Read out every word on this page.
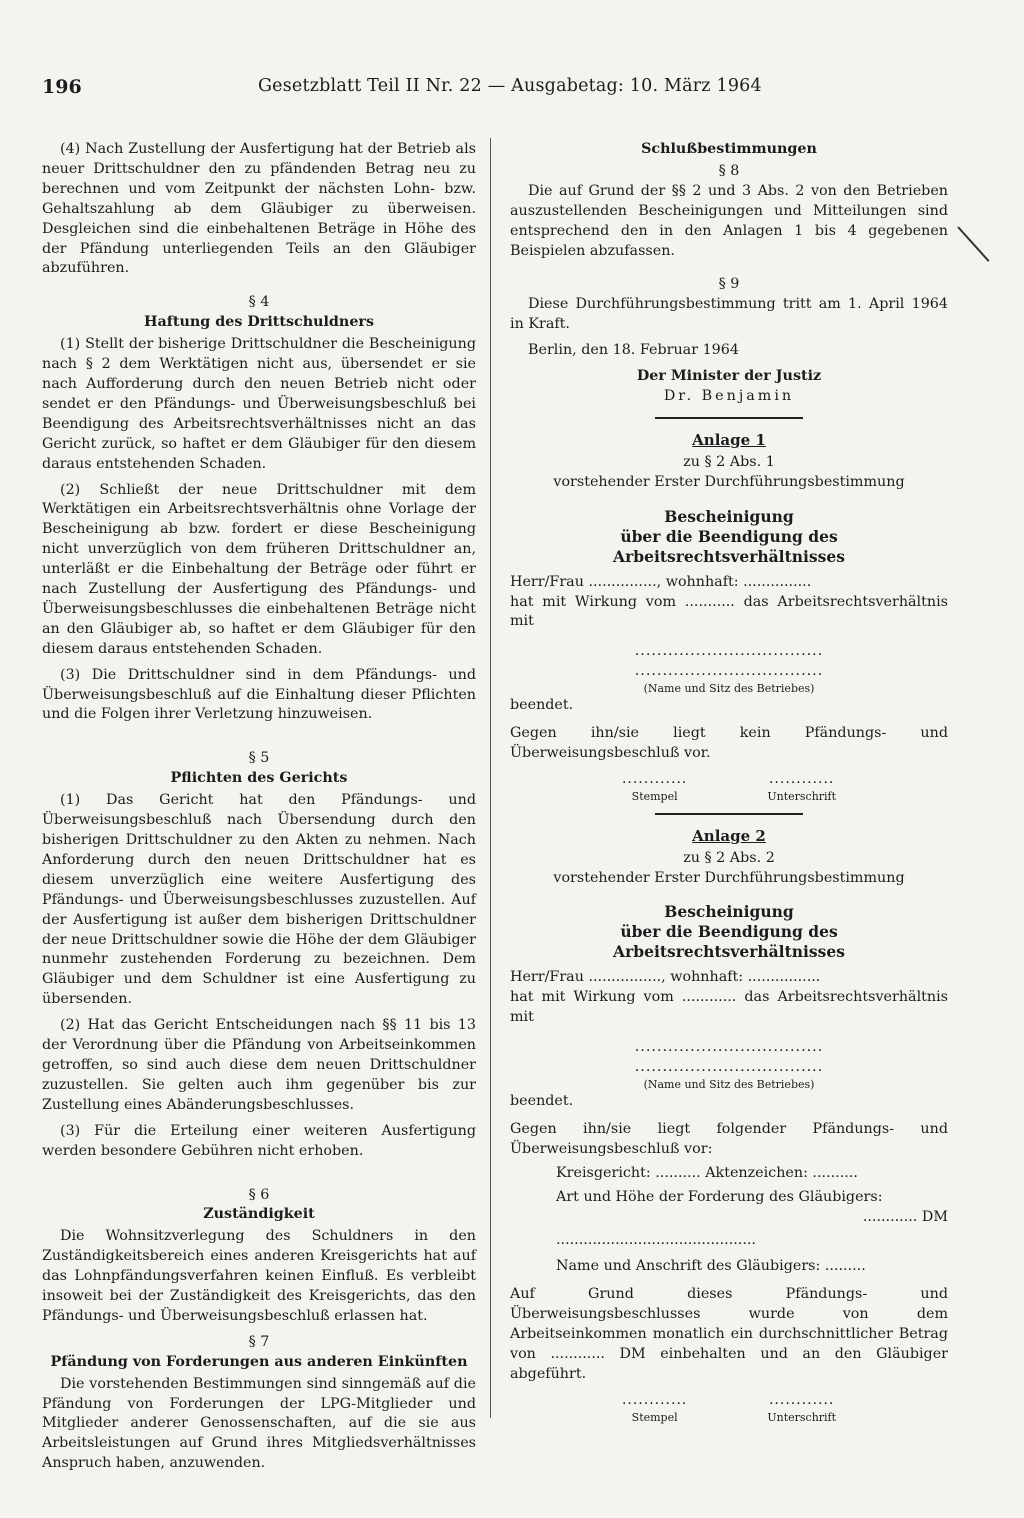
196	Gesetzblatt Teil II Nr. 22 — Ausgabetag: 10. März 1964

(4) Nach Zustellung der Ausfertigung hat der Betrieb als neuer Drittschuldner den zu pfändenden Betrag neu zu berechnen und vom Zeitpunkt der nächsten Lohn- bzw. Gehaltszahlung ab dem Gläubiger zu überweisen. Desgleichen sind die einbehaltenen Beträge in Höhe des der Pfändung unterliegenden Teils an den Gläubiger abzuführen.

§ 4

Haftung des Drittschuldners

(1) Stellt der bisherige Drittschuldner die Bescheinigung nach § 2 dem Werktätigen nicht aus, übersendet er sie nach Aufforderung durch den neuen Betrieb nicht oder sendet er den Pfändungs- und Überweisungsbeschluß bei Beendigung des Arbeitsrechtsverhältnisses nicht an das Gericht zurück, so haftet er dem Gläubiger für den diesem daraus entstehenden Schaden.

(2) Schließt der neue Drittschuldner mit dem Werktätigen ein Arbeitsrechtsverhältnis ohne Vorlage der Bescheinigung ab bzw. fordert er diese Bescheinigung nicht unverzüglich von dem früheren Drittschuldner an, unterläßt er die Einbehaltung der Beträge oder führt er nach Zustellung der Ausfertigung des Pfändungs- und Überweisungsbeschlusses die einbehaltenen Beträge nicht an den Gläubiger ab, so haftet er dem Gläubiger für den diesem daraus entstehenden Schaden.

(3) Die Drittschuldner sind in dem Pfändungs- und Überweisungsbeschluß auf die Einhaltung dieser Pflichten und die Folgen ihrer Verletzung hinzuweisen.

§ 5

Pflichten des Gerichts

(1) Das Gericht hat den Pfändungs- und Überweisungsbeschluß nach Übersendung durch den bisherigen Drittschuldner zu den Akten zu nehmen. Nach Anforderung durch den neuen Drittschuldner hat es diesem unverzüglich eine weitere Ausfertigung des Pfändungs- und Überweisungsbeschlusses zuzustellen. Auf der Ausfertigung ist außer dem bisherigen Drittschuldner der neue Drittschuldner sowie die Höhe der dem Gläubiger nunmehr zustehenden Forderung zu bezeichnen. Dem Gläubiger und dem Schuldner ist eine Ausfertigung zu übersenden.

(2) Hat das Gericht Entscheidungen nach §§ 11 bis 13 der Verordnung über die Pfändung von Arbeitseinkommen getroffen, so sind auch diese dem neuen Drittschuldner zuzustellen. Sie gelten auch ihm gegenüber bis zur Zustellung eines Abänderungsbeschlusses.

(3) Für die Erteilung einer weiteren Ausfertigung werden besondere Gebühren nicht erhoben.

§ 6

Zuständigkeit

Die Wohnsitzverlegung des Schuldners in den Zuständigkeitsbereich eines anderen Kreisgerichts hat auf das Lohnpfändungsverfahren keinen Einfluß. Es verbleibt insoweit bei der Zuständigkeit des Kreisgerichts, das den Pfändungs- und Überweisungsbeschluß erlassen hat.

§ 7

Pfändung von Forderungen aus anderen Einkünften

Die vorstehenden Bestimmungen sind sinngemäß auf die Pfändung von Forderungen der LPG-Mitglieder und Mitglieder anderer Genossenschaften, auf die sie aus Arbeitsleistungen auf Grund ihres Mitgliedsverhältnisses Anspruch haben, anzuwenden.

Schlußbestimmungen

§ 8

Die auf Grund der §§ 2 und 3 Abs. 2 von den Betrieben auszustellenden Bescheinigungen und Mitteilungen sind entsprechend den in den Anlagen 1 bis 4 gegebenen Beispielen abzufassen.

§ 9

Diese Durchführungsbestimmung tritt am 1. April 1964 in Kraft.

Berlin, den 18. Februar 1964

Der Minister der Justiz

Dr. Benjamin

Anlage 1

zu § 2 Abs. 1

vorstehender Erster Durchführungsbestimmung

Bescheinigung
über die Beendigung des Arbeitsrechtsverhältnisses

Herr/Frau ..............., wohnhaft: ...............

hat mit Wirkung vom ........... das Arbeitsrechtsverhältnis mit

..................................

..................................

(Name und Sitz des Betriebes)

beendet.

Gegen ihn/sie liegt kein Pfändungs- und Überweisungsbeschluß vor.

............
Stempel
............
Unterschrift

Anlage 2

zu § 2 Abs. 2

vorstehender Erster Durchführungsbestimmung

Bescheinigung
über die Beendigung des Arbeitsrechtsverhältnisses

Herr/Frau ................, wohnhaft: ................

hat mit Wirkung vom ............ das Arbeitsrechtsverhältnis mit

..................................

..................................

(Name und Sitz des Betriebes)

beendet.

Gegen ihn/sie liegt folgender Pfändungs- und Überweisungsbeschluß vor:

Kreisgericht: .......... Aktenzeichen: ..........

Art und Höhe der Forderung des Gläubigers:

............ DM

............................................

Name und Anschrift des Gläubigers: .........

Auf Grund dieses Pfändungs- und Überweisungsbeschlusses wurde von dem Arbeitseinkommen monatlich ein durchschnittlicher Betrag von ............ DM einbehalten und an den Gläubiger abgeführt.

............
Stempel
............
Unterschrift
